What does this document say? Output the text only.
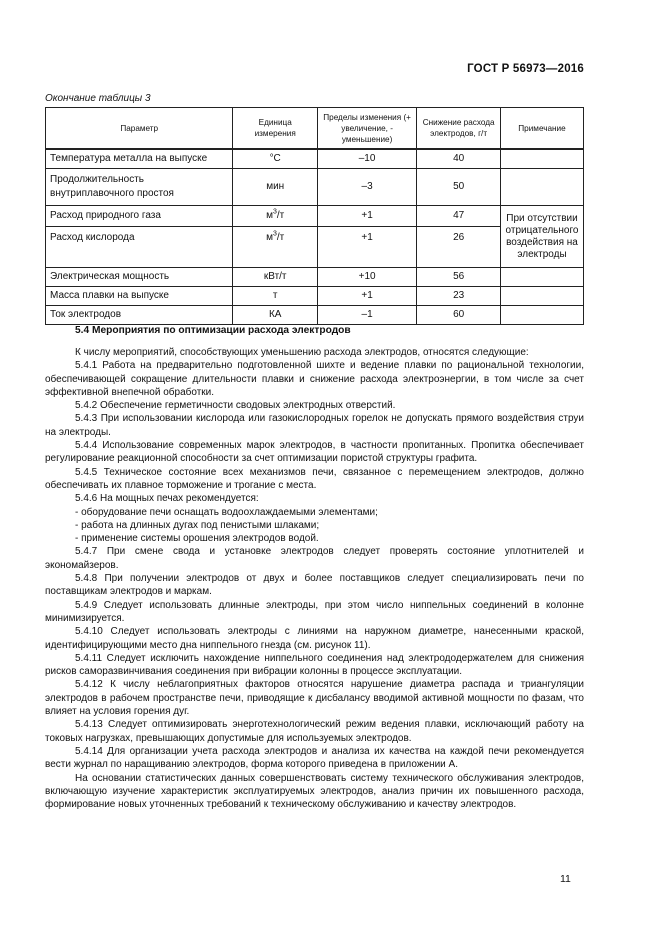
ГОСТ Р 56973—2016
Окончание таблицы 3
Параметр	Единица измерения	Пределы изменения (+ увеличение, - уменьшение)	Снижение расхода электродов, г/т	Примечание
Температура металла на выпуске	°С	–10	40	
Продолжительность внутриплавочного простоя	мин	–3	50	
Расход природного газа	$м^3/т$	+1	47	При отсутствии отрицательного воздействия на электроды
Расход кислорода	$м^3/т$	+1	26	
Электрическая мощность	кВт/т	+10	56	
Масса плавки на выпуске	т	+1	23	
Ток электродов	КА	–1	60	
5.4 Мероприятия по оптимизации расхода электродов

К числу мероприятий, способствующих уменьшению расхода электродов, относятся следующие:

5.4.1 Работа на предварительно подготовленной шихте и ведение плавки по рациональной технологии, обеспечивающей сокращение длительности плавки и снижение расхода электроэнергии, в том числе за счет эффективной внепечной обработки.

5.4.2 Обеспечение герметичности сводовых электродных отверстий.

5.4.3 При использовании кислорода или газокислородных горелок не допускать прямого воздействия струи на электроды.

5.4.4 Использование современных марок электродов, в частности пропитанных. Пропитка обеспечивает регулирование реакционной способности за счет оптимизации пористой структуры графита.

5.4.5 Техническое состояние всех механизмов печи, связанное с перемещением электродов, должно обеспечивать их плавное торможение и трогание с места.

5.4.6 На мощных печах рекомендуется:

- оборудование печи оснащать водоохлаждаемыми элементами;

- работа на длинных дугах под пенистыми шлаками;

- применение системы орошения электродов водой.

5.4.7 При смене свода и установке электродов следует проверять состояние уплотнителей и экономайзеров.

5.4.8 При получении электродов от двух и более поставщиков следует специализировать печи по поставщикам электродов и маркам.

5.4.9 Следует использовать длинные электроды, при этом число ниппельных соединений в колонне минимизируется.

5.4.10 Следует использовать электроды с линиями на наружном диаметре, нанесенными краской, идентифицирующими место дна ниппельного гнезда (см. рисунок 11).

5.4.11 Следует исключить нахождение ниппельного соединения над электрододержателем для снижения рисков саморазвинчивания соединения при вибрации колонны в процессе эксплуатации.

5.4.12 К числу неблагоприятных факторов относятся нарушение диаметра распада и триангуляции электродов в рабочем пространстве печи, приводящие к дисбалансу вводимой активной мощности по фазам, что влияет на условия горения дуг.

5.4.13 Следует оптимизировать энерготехнологический режим ведения плавки, исключающий работу на токовых нагрузках, превышающих допустимые для используемых электродов.

5.4.14 Для организации учета расхода электродов и анализа их качества на каждой печи рекомендуется вести журнал по наращиванию электродов, форма которого приведена в приложении А.

На основании статистических данных совершенствовать систему технического обслуживания электродов, включающую изучение характеристик эксплуатируемых электродов, анализ причин их повышенного расхода, формирование новых уточненных требований к техническому обслуживанию и качеству электродов.

11
